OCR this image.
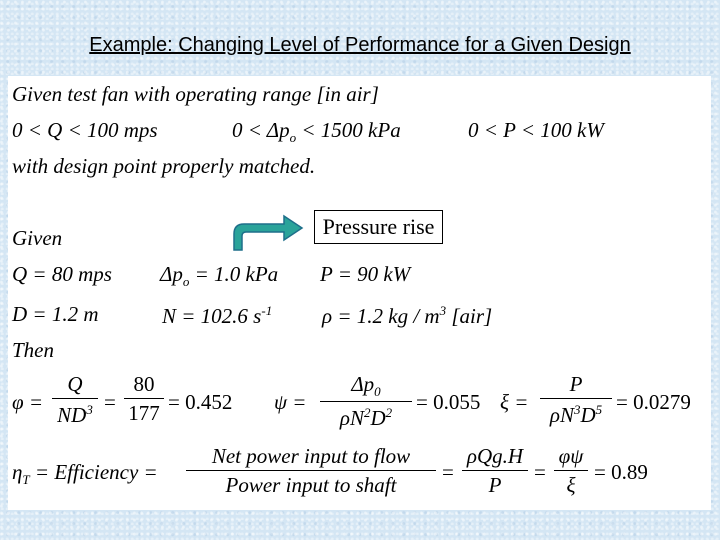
Example: Changing Level of Performance for a Given Design
Given test fan with operating range [in air]
0 < Q < 100 mps	$0 < \Delta p_o < 1500$ kPa	0 < P < 100 kW
with design point properly matched.
Pressure rise
Given
Q = 80 mps $\Delta p_o = 1.0$ kPa P = 90 kW
D = 1.2 m	N = 102.6 $s^{-1}$ ρ = 1.2 kg / $m^3$ [air]
Then
φ =
Q
$ND^3$ =
80
177 = 0.452 ψ =
$\Delta p_0$
$\rho N^2D^2$	= 0.055 ξ =
P
$\rho N^3D^5 = 0.0279$
$\eta_T$ = Efficiency =
Net power input to flow
Power input to shaft
=
ρQg.H
P
=
φψ
ξ
= 0.89
